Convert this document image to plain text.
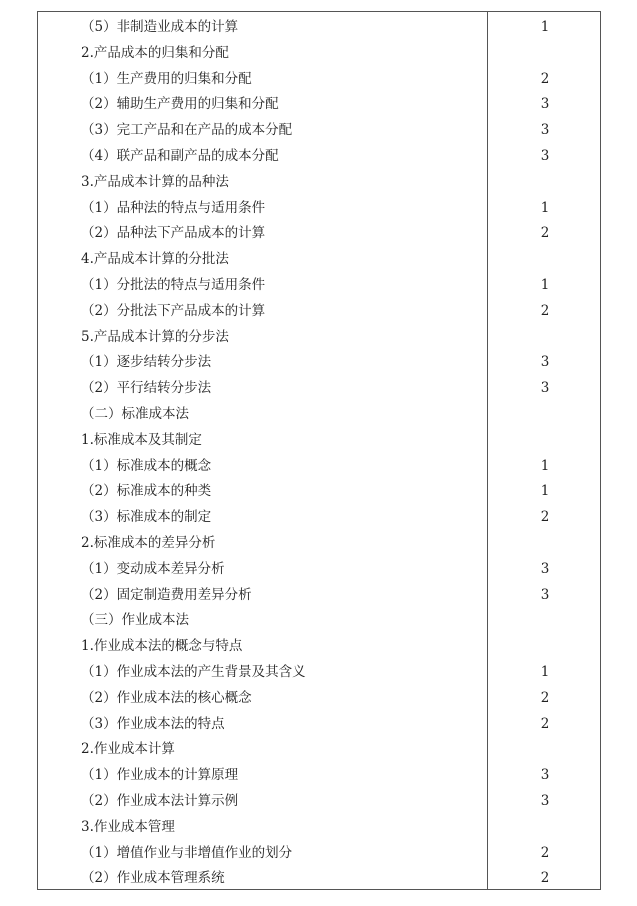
（5）非制造业成本的计算	1
2.产品成本的归集和分配
（1）生产费用的归集和分配	2
（2）辅助生产费用的归集和分配	3
（3）完工产品和在产品的成本分配	3
（4）联产品和副产品的成本分配	3
3.产品成本计算的品种法
（1）品种法的特点与适用条件	1
（2）品种法下产品成本的计算	2
4.产品成本计算的分批法
（1）分批法的特点与适用条件	1
（2）分批法下产品成本的计算	2
5.产品成本计算的分步法
（1）逐步结转分步法	3
（2）平行结转分步法	3
（二）标准成本法
1.标准成本及其制定
（1）标准成本的概念	1
（2）标准成本的种类	1
（3）标准成本的制定	2
2.标准成本的差异分析
（1）变动成本差异分析	3
（2）固定制造费用差异分析	3
（三）作业成本法
1.作业成本法的概念与特点
（1）作业成本法的产生背景及其含义	1
（2）作业成本法的核心概念	2
（3）作业成本法的特点	2
2.作业成本计算
（1）作业成本的计算原理	3
（2）作业成本法计算示例	3
3.作业成本管理
（1）增值作业与非增值作业的划分	2
（2）作业成本管理系统	2
